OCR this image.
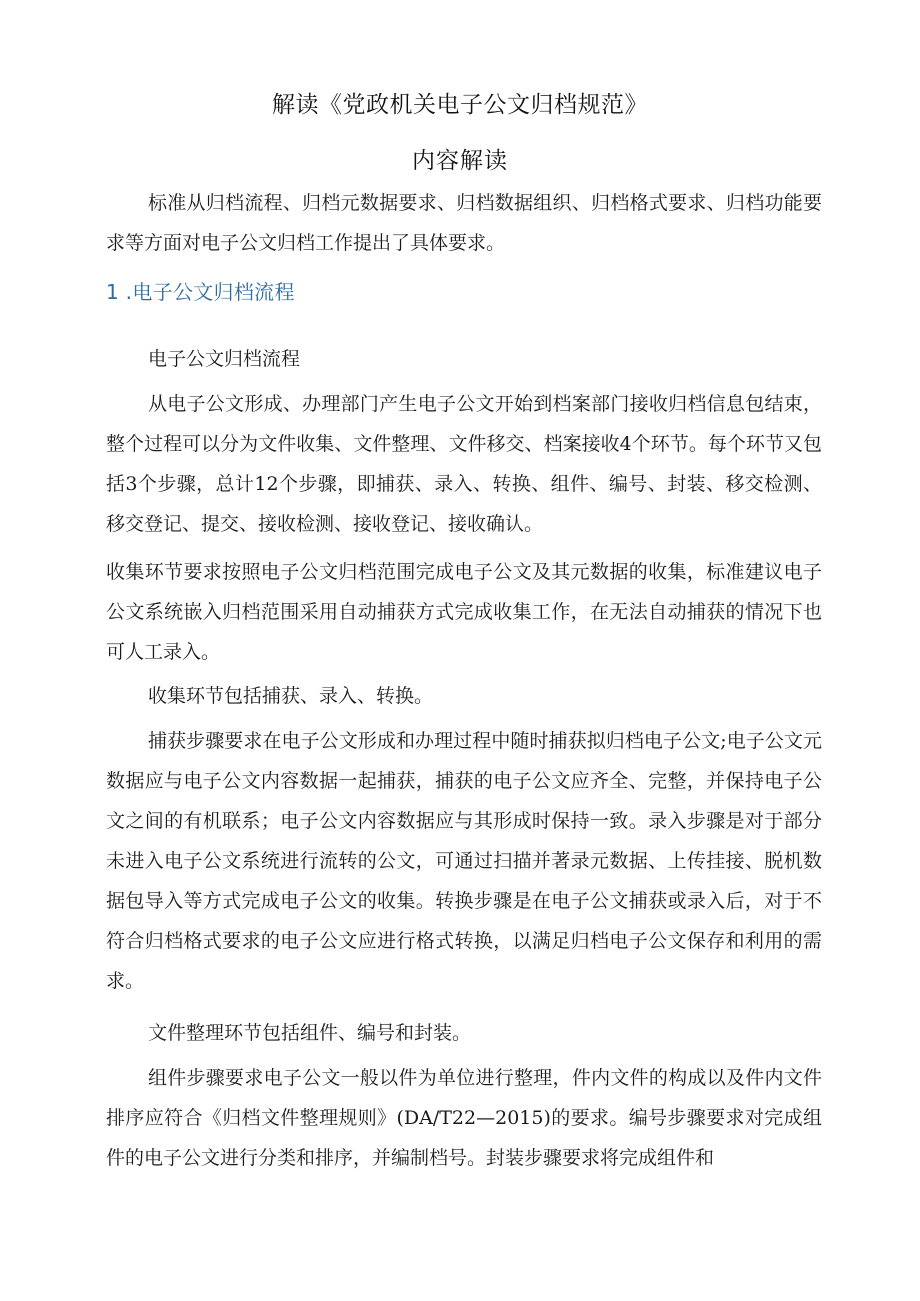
解读《党政机关电子公文归档规范》
内容解读

标准从归档流程、归档元数据要求、归档数据组织、归档格式要求、归档功能要求等方面对电子公文归档工作提出了具体要求。

1 .电子公文归档流程
电子公文归档流程

从电子公文形成、办理部门产生电子公文开始到档案部门接收归档信息包结束，整个过程可以分为文件收集、文件整理、文件移交、档案接收4个环节。每个环节又包括3个步骤，总计12个步骤，即捕获、录入、转换、组件、编号、封装、移交检测、移交登记、提交、接收检测、接收登记、接收确认。

收集环节要求按照电子公文归档范围完成电子公文及其元数据的收集，标准建议电子公文系统嵌入归档范围采用自动捕获方式完成收集工作，在无法自动捕获的情况下也可人工录入。

收集环节包括捕获、录入、转换。

捕获步骤要求在电子公文形成和办理过程中随时捕获拟归档电子公文;电子公文元数据应与电子公文内容数据一起捕获，捕获的电子公文应齐全、完整，并保持电子公文之间的有机联系；电子公文内容数据应与其形成时保持一致。录入步骤是对于部分未进入电子公文系统进行流转的公文，可通过扫描并著录元数据、上传挂接、脱机数据包导入等方式完成电子公文的收集。转换步骤是在电子公文捕获或录入后，对于不符合归档格式要求的电子公文应进行格式转换，以满足归档电子公文保存和利用的需求。

文件整理环节包括组件、编号和封装。

组件步骤要求电子公文一般以件为单位进行整理，件内文件的构成以及件内文件排序应符合《归档文件整理规则》(DA/T22—2015)的要求。编号步骤要求对完成组件的电子公文进行分类和排序，并编制档号。封装步骤要求将完成组件和
